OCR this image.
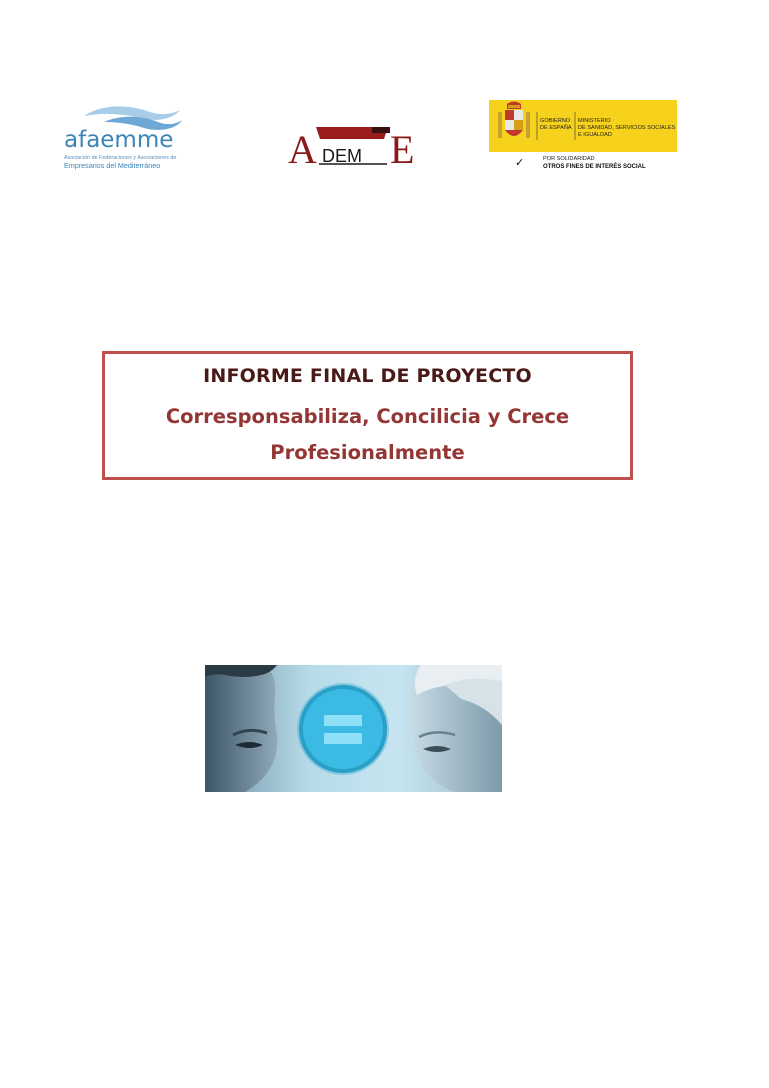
afaemme
Asociación de Federaciones y Asociaciones de
Empresarios del Mediterráneo	A DEM E
GOBIERNO
DE ESPAÑA
MINISTERIO
DE SANIDAD, SERVICIOS SOCIALES
E IGUALDAD
✓	POR SOLIDARIDAD
OTROS FINES DE INTERÉS SOCIAL
INFORME FINAL DE PROYECTO
Corresponsabiliza, Concilicia y Crece
Profesionalmente
